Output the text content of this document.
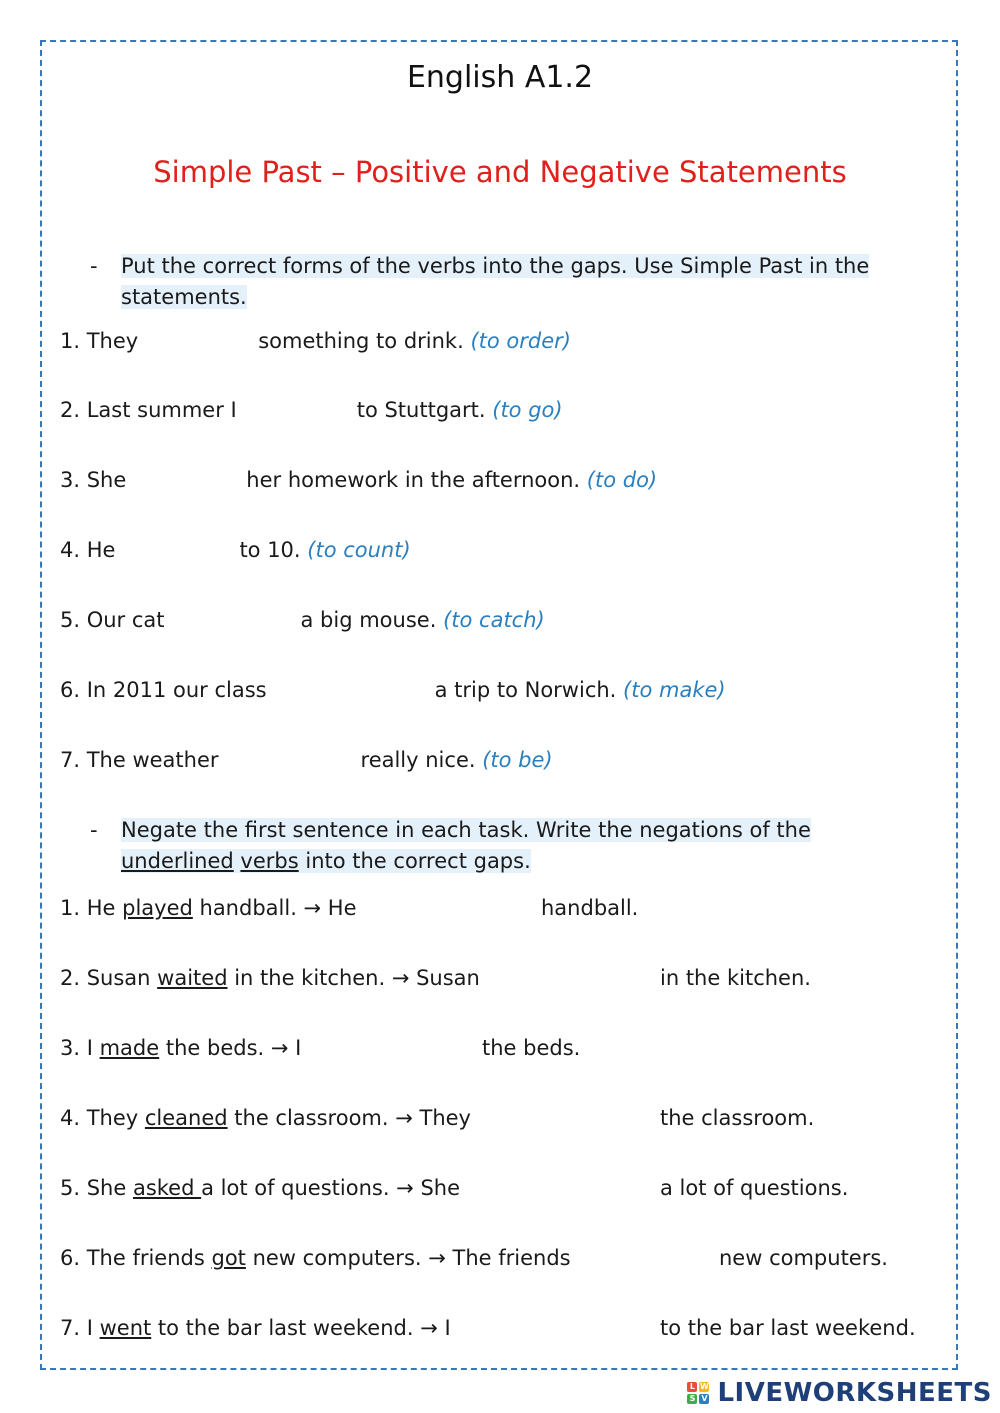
English A1.2
Simple Past – Positive and Negative Statements
- Put the correct forms of the verbs into the gaps. Use Simple Past in the statements.
1. They	something to drink. (to order)
2. Last summer I	to Stuttgart. (to go)
3. She	her homework in the afternoon. (to do)
4. He	to 10. (to count)
5. Our cat	a big mouse. (to catch)
6. In 2011 our class	a trip to Norwich. (to make)
7. The weather	really nice. (to be)
- Negate the first sentence in each task. Write the negations of the underlined verbs into the correct gaps.
1. He played handball. → He	handball.
2. Susan waited in the kitchen. → Susan	in the kitchen.
3. I made the beds. → I	the beds.
4. They cleaned the classroom. → They	the classroom.
5. She asked a lot of questions. → She	a lot of questions.
6. The friends got new computers. → The friends	new computers.
7. I went to the bar last weekend. → I	to the bar last weekend.
L W
S V LIVEWORKSHEETS
